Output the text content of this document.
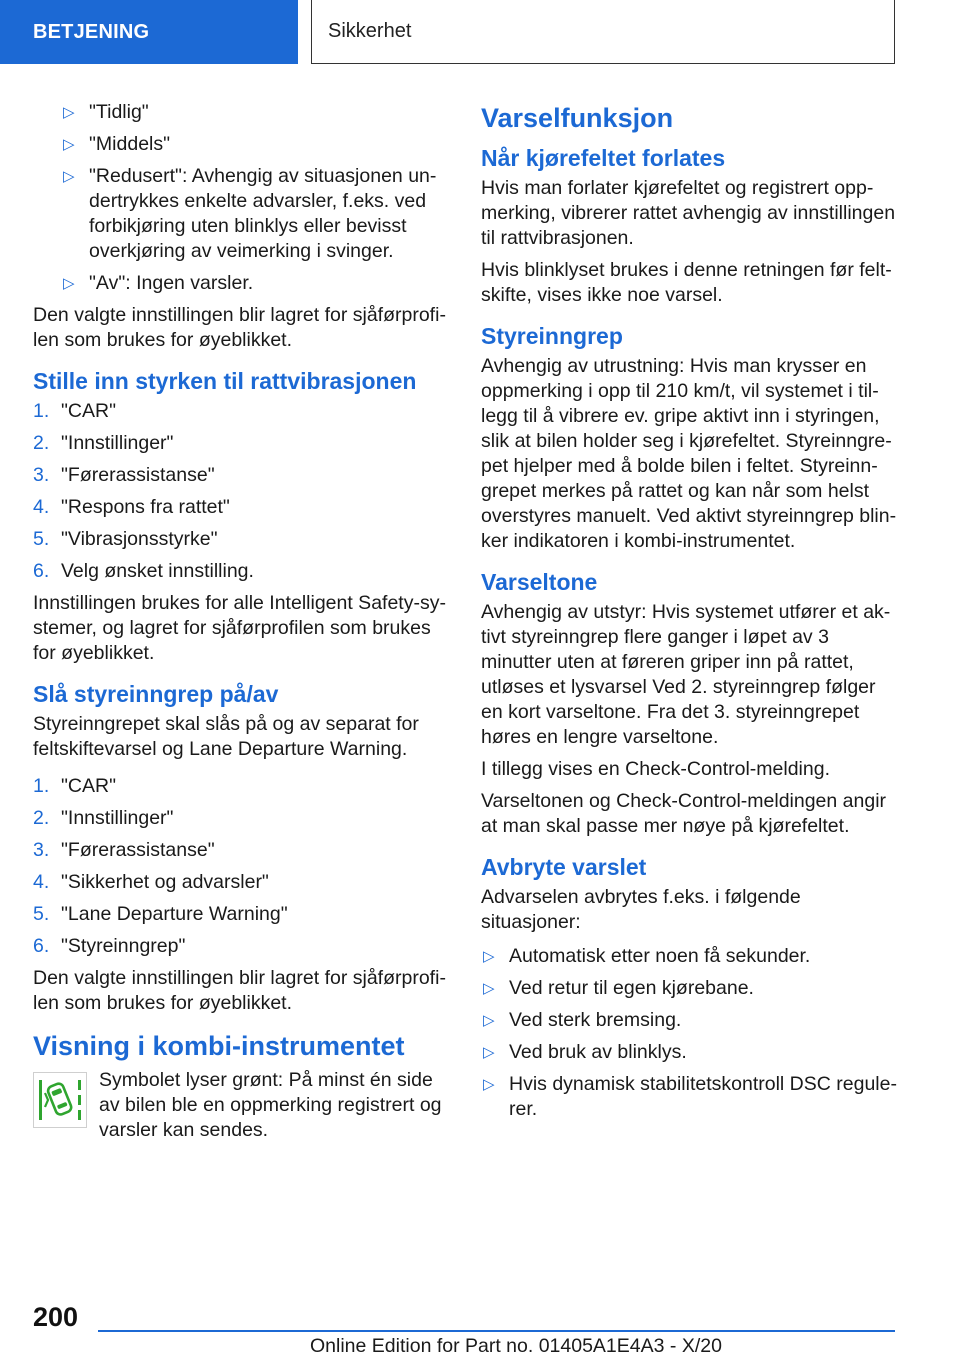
BETJENING	Sikkerhet
▷ "Tidlig"
▷ "Middels"
▷ "Redusert": Avhengig av situasjonen undertrykkes enkelte advarsler, f.eks. ved forbikjøring uten blinklys eller bevisst overkjøring av veimerking i svinger.
▷ "Av": Ingen varsler.

Den valgte innstillingen blir lagret for sjåførprofilen som brukes for øyeblikket.

Stille inn styrken til rattvibrasjonen
1. "CAR"
2. "Innstillinger"
3. "Førerassistanse"
4. "Respons fra rattet"
5. "Vibrasjonsstyrke"
6. Velg ønsket innstilling.

Innstillingen brukes for alle Intelligent Safety-systemer, og lagret for sjåførprofilen som brukes for øyeblikket.

Slå styreinngrep på/av

Styreinngrepet skal slås på og av separat for feltskiftevarsel og Lane Departure Warning.

1. "CAR"
2. "Innstillinger"
3. "Førerassistanse"
4. "Sikkerhet og advarsler"
5. "Lane Departure Warning"
6. "Styreinngrep"

Den valgte innstillingen blir lagret for sjåførprofilen som brukes for øyeblikket.

Visning i kombi-instrumentet
Symbolet lyser grønt: På minst én side av bilen ble en oppmerking registrert og varsler kan sendes.
Varselfunksjon
Når kjørefeltet forlates

Hvis man forlater kjørefeltet og registrert oppmerking, vibrerer rattet avhengig av innstillingen til rattvibrasjonen.

Hvis blinklyset brukes i denne retningen før feltskifte, vises ikke noe varsel.

Styreinngrep

Avhengig av utrustning: Hvis man krysser en oppmerking i opp til 210 km/t, vil systemet i tillegg til å vibrere ev. gripe aktivt inn i styringen, slik at bilen holder seg i kjørefeltet. Styreinngrepet hjelper med å bolde bilen i feltet. Styreinngrepet merkes på rattet og kan når som helst overstyres manuelt. Ved aktivt styreinngrep blinker indikatoren i kombi-instrumentet.

Varseltone

Avhengig av utstyr: Hvis systemet utfører et aktivt styreinngrep flere ganger i løpet av 3 minutter uten at føreren griper inn på rattet, utløses et lysvarsel Ved 2. styreinngrep følger en kort varseltone. Fra det 3. styreinngrepet høres en lengre varseltone.

I tillegg vises en Check-Control-melding.

Varseltonen og Check-Control-meldingen angir at man skal passe mer nøye på kjørefeltet.

Avbryte varslet

Advarselen avbrytes f.eks. i følgende situasjoner:

▷ Automatisk etter noen få sekunder.
▷ Ved retur til egen kjørebane.
▷ Ved sterk bremsing.
▷ Ved bruk av blinklys.
▷ Hvis dynamisk stabilitetskontroll DSC regulerer.
200
Online Edition for Part no. 01405A1E4A3 - X/20
